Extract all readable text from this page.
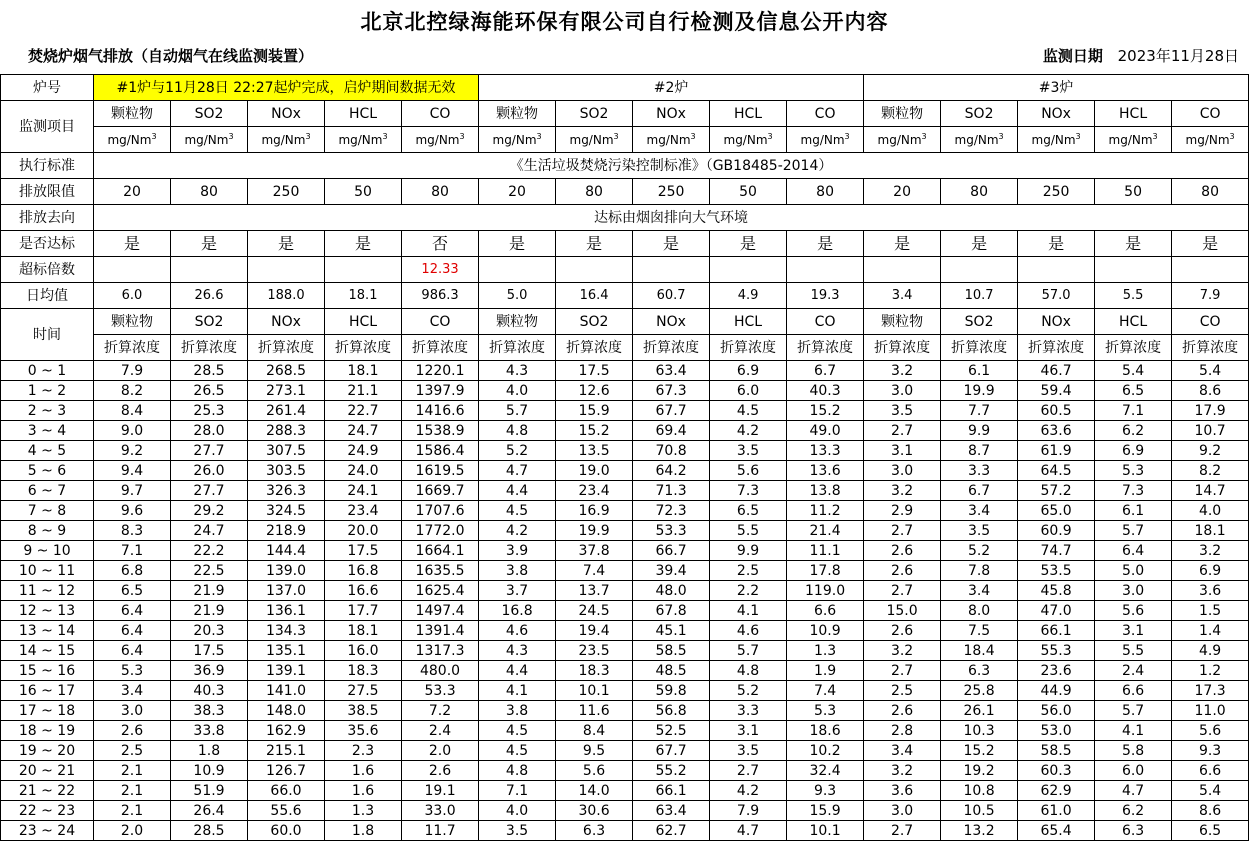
北京北控绿海能环保有限公司自行检测及信息公开内容
焚烧炉烟气排放（自动烟气在线监测装置）	监测日期 2023年11月28日
炉号	#1炉与11月28日 22:27起炉完成，启炉期间数据无效					#2炉					#3炉				
监测项目	颗粒物	SO2	NOx	HCL	CO	颗粒物	SO2	NOx	HCL	CO	颗粒物	SO2	NOx	HCL	CO
	mg/Nm$^3$	mg/Nm$^3$	mg/Nm$^3$	mg/Nm$^3$	mg/Nm$^3$	mg/Nm$^3$	mg/Nm$^3$	mg/Nm$^3$	mg/Nm$^3$	mg/Nm$^3$	mg/Nm$^3$	mg/Nm$^3$	mg/Nm$^3$	mg/Nm$^3$	mg/Nm$^3$
执行标准	《生活垃圾焚烧污染控制标准》（GB18485-2014）														
排放限值	20	80	250	50	80	20	80	250	50	80	20	80	250	50	80
排放去向	达标由烟囱排向大气环境														
是否达标	是	是	是	是	否	是	是	是	是	是	是	是	是	是	是
超标倍数					12.33										
日均值	6.0	26.6	188.0	18.1	986.3	5.0	16.4	60.7	4.9	19.3	3.4	10.7	57.0	5.5	7.9
时间	颗粒物	SO2	NOx	HCL	CO	颗粒物	SO2	NOx	HCL	CO	颗粒物	SO2	NOx	HCL	CO
	折算浓度	折算浓度	折算浓度	折算浓度	折算浓度	折算浓度	折算浓度	折算浓度	折算浓度	折算浓度	折算浓度	折算浓度	折算浓度	折算浓度	折算浓度
0 ~ 1	7.9	28.5	268.5	18.1	1220.1	4.3	17.5	63.4	6.9	6.7	3.2	6.1	46.7	5.4	5.4
1 ~ 2	8.2	26.5	273.1	21.1	1397.9	4.0	12.6	67.3	6.0	40.3	3.0	19.9	59.4	6.5	8.6
2 ~ 3	8.4	25.3	261.4	22.7	1416.6	5.7	15.9	67.7	4.5	15.2	3.5	7.7	60.5	7.1	17.9
3 ~ 4	9.0	28.0	288.3	24.7	1538.9	4.8	15.2	69.4	4.2	49.0	2.7	9.9	63.6	6.2	10.7
4 ~ 5	9.2	27.7	307.5	24.9	1586.4	5.2	13.5	70.8	3.5	13.3	3.1	8.7	61.9	6.9	9.2
5 ~ 6	9.4	26.0	303.5	24.0	1619.5	4.7	19.0	64.2	5.6	13.6	3.0	3.3	64.5	5.3	8.2
6 ~ 7	9.7	27.7	326.3	24.1	1669.7	4.4	23.4	71.3	7.3	13.8	3.2	6.7	57.2	7.3	14.7
7 ~ 8	9.6	29.2	324.5	23.4	1707.6	4.5	16.9	72.3	6.5	11.2	2.9	3.4	65.0	6.1	4.0
8 ~ 9	8.3	24.7	218.9	20.0	1772.0	4.2	19.9	53.3	5.5	21.4	2.7	3.5	60.9	5.7	18.1
9 ~ 10	7.1	22.2	144.4	17.5	1664.1	3.9	37.8	66.7	9.9	11.1	2.6	5.2	74.7	6.4	3.2
10 ~ 11	6.8	22.5	139.0	16.8	1635.5	3.8	7.4	39.4	2.5	17.8	2.6	7.8	53.5	5.0	6.9
11 ~ 12	6.5	21.9	137.0	16.6	1625.4	3.7	13.7	48.0	2.2	119.0	2.7	3.4	45.8	3.0	3.6
12 ~ 13	6.4	21.9	136.1	17.7	1497.4	16.8	24.5	67.8	4.1	6.6	15.0	8.0	47.0	5.6	1.5
13 ~ 14	6.4	20.3	134.3	18.1	1391.4	4.6	19.4	45.1	4.6	10.9	2.6	7.5	66.1	3.1	1.4
14 ~ 15	6.4	17.5	135.1	16.0	1317.3	4.3	23.5	58.5	5.7	1.3	3.2	18.4	55.3	5.5	4.9
15 ~ 16	5.3	36.9	139.1	18.3	480.0	4.4	18.3	48.5	4.8	1.9	2.7	6.3	23.6	2.4	1.2
16 ~ 17	3.4	40.3	141.0	27.5	53.3	4.1	10.1	59.8	5.2	7.4	2.5	25.8	44.9	6.6	17.3
17 ~ 18	3.0	38.3	148.0	38.5	7.2	3.8	11.6	56.8	3.3	5.3	2.6	26.1	56.0	5.7	11.0
18 ~ 19	2.6	33.8	162.9	35.6	2.4	4.5	8.4	52.5	3.1	18.6	2.8	10.3	53.0	4.1	5.6
19 ~ 20	2.5	1.8	215.1	2.3	2.0	4.5	9.5	67.7	3.5	10.2	3.4	15.2	58.5	5.8	9.3
20 ~ 21	2.1	10.9	126.7	1.6	2.6	4.8	5.6	55.2	2.7	32.4	3.2	19.2	60.3	6.0	6.6
21 ~ 22	2.1	51.9	66.0	1.6	19.1	7.1	14.0	66.1	4.2	9.3	3.6	10.8	62.9	4.7	5.4
22 ~ 23	2.1	26.4	55.6	1.3	33.0	4.0	30.6	63.4	7.9	15.9	3.0	10.5	61.0	6.2	8.6
23 ~ 24	2.0	28.5	60.0	1.8	11.7	3.5	6.3	62.7	4.7	10.1	2.7	13.2	65.4	6.3	6.5
